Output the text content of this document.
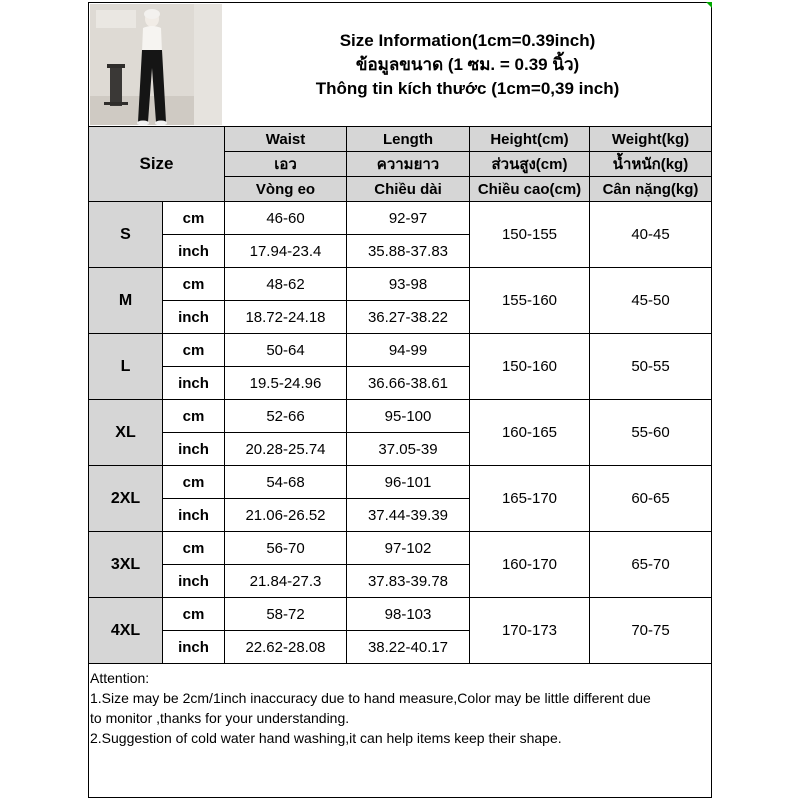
Size Information(1cm=0.39inch)
ข้อมูลขนาด (1 ซม. = 0.39 นิ้ว)
Thông tin kích thước (1cm=0,39 inch)
Size		Waist	Length	Height(cm)	Weight(kg)
		เอว	ความยาว	ส่วนสูง(cm)	น้ำหนัก(kg)
		Vòng eo	Chiều dài	Chiều cao(cm)	Cân nặng(kg)
S	cm	46-60	92-97	150-155	40-45
	inch	17.94-23.4	35.88-37.83		
M	cm	48-62	93-98	155-160	45-50
	inch	18.72-24.18	36.27-38.22		
L	cm	50-64	94-99	150-160	50-55
	inch	19.5-24.96	36.66-38.61		
XL	cm	52-66	95-100	160-165	55-60
	inch	20.28-25.74	37.05-39		
2XL	cm	54-68	96-101	165-170	60-65
	inch	21.06-26.52	37.44-39.39		
3XL	cm	56-70	97-102	160-170	65-70
	inch	21.84-27.3	37.83-39.78		
4XL	cm	58-72	98-103	170-173	70-75
	inch	22.62-28.08	38.22-40.17		
Attention:
1.Size may be 2cm/1inch inaccuracy due to hand measure,Color may be little different due
to monitor ,thanks for your understanding.
2.Suggestion of cold water hand washing,it can help items keep their shape.
